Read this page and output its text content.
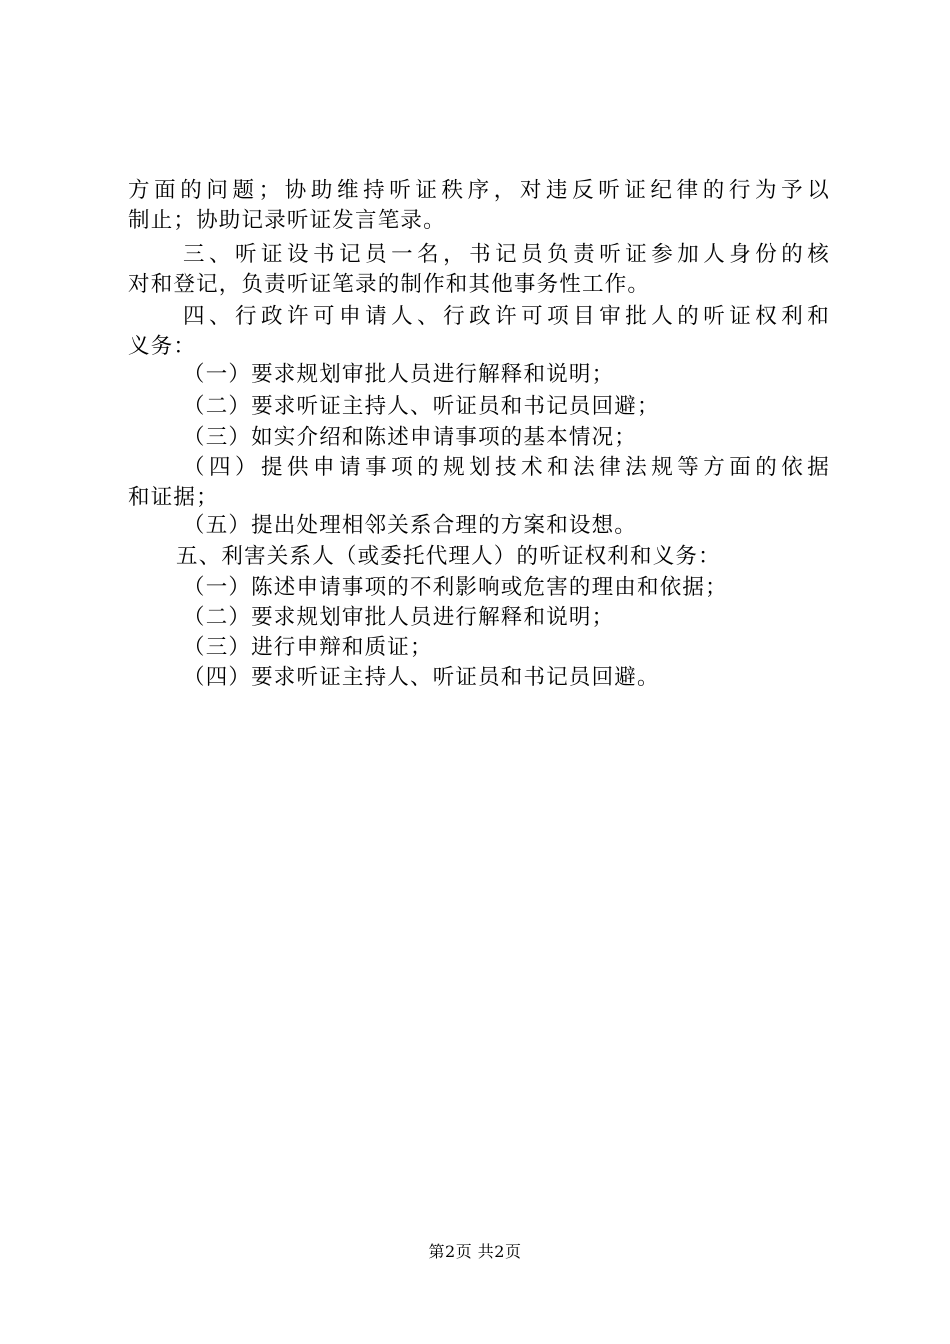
方面的问题；协助维持听证秩序，对违反听证纪律的行为予以
制止；协助记录听证发言笔录。
三、听证设书记员一名，书记员负责听证参加人身份的核
对和登记，负责听证笔录的制作和其他事务性工作。
四、行政许可申请人、行政许可项目审批人的听证权利和
义务：
（一）要求规划审批人员进行解释和说明；
（二）要求听证主持人、听证员和书记员回避；
（三）如实介绍和陈述申请事项的基本情况；
（四）提供申请事项的规划技术和法律法规等方面的依据
和证据；
（五）提出处理相邻关系合理的方案和设想。
五、利害关系人（或委托代理人）的听证权利和义务：
（一）陈述申请事项的不利影响或危害的理由和依据；
（二）要求规划审批人员进行解释和说明；
（三）进行申辩和质证；
（四）要求听证主持人、听证员和书记员回避。
第2页 共2页
